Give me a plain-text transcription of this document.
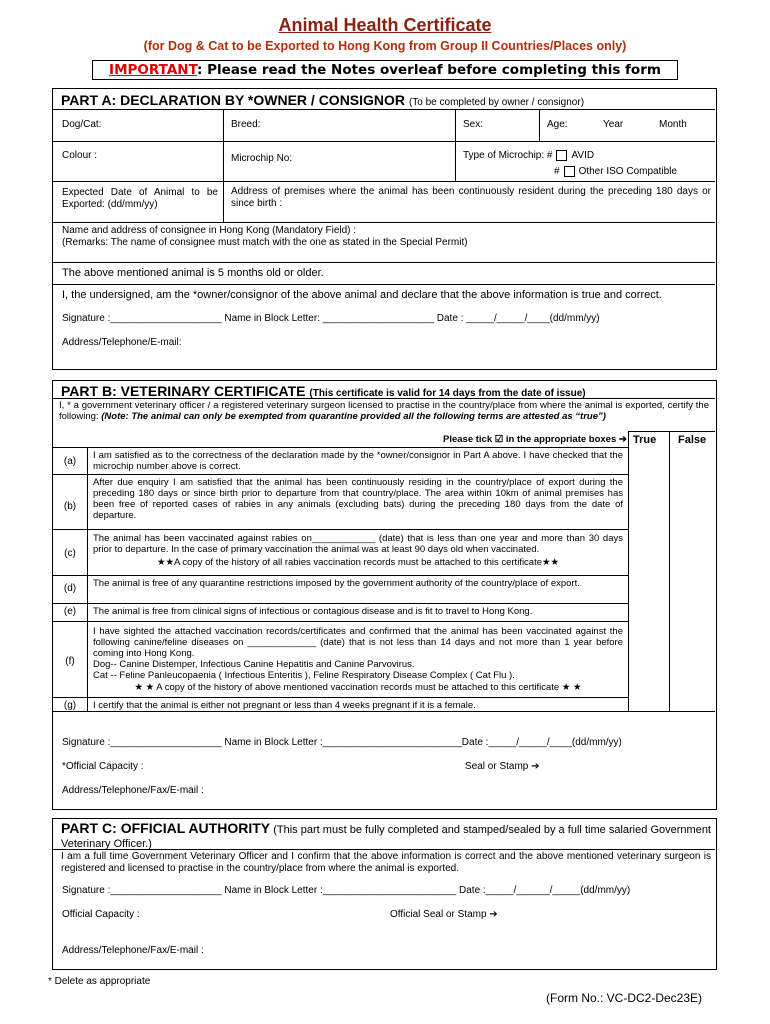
Animal Health Certificate
(for Dog & Cat to be Exported to Hong Kong from Group II Countries/Places only)
IMPORTANT: Please read the Notes overleaf before completing this form
PART A: DECLARATION BY *OWNER / CONSIGNOR (To be completed by owner / consignor)
Dog/Cat:	Breed:	Sex:	Age:	Year	Month
Colour :	Microchip No:	Type of Microchip: # AVID
# Other ISO Compatible
Expected Date of Animal to be Exported: (dd/mm/yy)
Address of premises where the animal has been continuously resident during the preceding 180 days or since birth :
Name and address of consignee in Hong Kong (Mandatory Field) :
(Remarks: The name of consignee must match with the one as stated in the Special Permit)
The above mentioned animal is 5 months old or older.
I, the undersigned, am the *owner/consignor of the above animal and declare that the above information is true and correct.
Signature :____________________ Name in Block Letter: ____________________ Date : _____/_____/____(dd/mm/yy)
Address/Telephone/E-mail:
PART B: VETERINARY CERTIFICATE (This certificate is valid for 14 days from the date of issue)
I, * a government veterinary officer / a registered veterinary surgeon licensed to practise in the country/place from where the animal is exported, certify the following: (Note: The animal can only be exempted from quarantine provided all the following terms are attested as “true”)
Please tick ☑ in the appropriate boxes ➔ True False
(a)
I am satisfied as to the correctness of the declaration made by the *owner/consignor in Part A above. I have checked that the microchip number above is correct.
(b)
After due enquiry I am satisfied that the animal has been continuously residing in the country/place of export during the preceding 180 days or since birth prior to departure from that country/place. The area within 10km of animal premises has been free of reported cases of rabies in any animals (excluding bats) during the preceding 180 days from the date of departure.
(c)
The animal has been vaccinated against rabies on____________ (date) that is less than one year and more than 30 days prior to departure. In the case of primary vaccination the animal was at least 90 days old when vaccinated.
★★A copy of the history of all rabies vaccination records must be attached to this certificate★★
(d)	The animal is free of any quarantine restrictions imposed by the government authority of the country/place of export.
(e)	The animal is free from clinical signs of infectious or contagious disease and is fit to travel to Hong Kong.
(f)
I have sighted the attached vaccination records/certificates and confirmed that the animal has been vaccinated against the following canine/feline diseases on _____________ (date) that is not less than 14 days and not more than 1 year before coming into Hong Kong.
Dog-- Canine Distemper, Infectious Canine Hepatitis and Canine Parvovirus.
Cat -- Feline Panleucopaenia ( Infectious Enteritis ), Feline Respiratory Disease Complex ( Cat Flu ).
★ ★ A copy of the history of above mentioned vaccination records must be attached to this certificate ★ ★
(g)	I certify that the animal is either not pregnant or less than 4 weeks pregnant if it is a female.
Signature :____________________ Name in Block Letter :_________________________Date :_____/_____/____(dd/mm/yy)
*Official Capacity :	Seal or Stamp ➔
Address/Telephone/Fax/E-mail :
PART C: OFFICIAL AUTHORITY (This part must be fully completed and stamped/sealed by a full time salaried Government Veterinary Officer.)
I am a full time Government Veterinary Officer and I confirm that the above information is correct and the above mentioned veterinary surgeon is registered and licensed to practise in the country/place from where the animal is exported.
Signature :____________________ Name in Block Letter :________________________ Date :_____/______/_____(dd/mm/yy)
Official Capacity :	Official Seal or Stamp ➔
Address/Telephone/Fax/E-mail :
* Delete as appropriate
(Form No.: VC-DC2-Dec23E)
